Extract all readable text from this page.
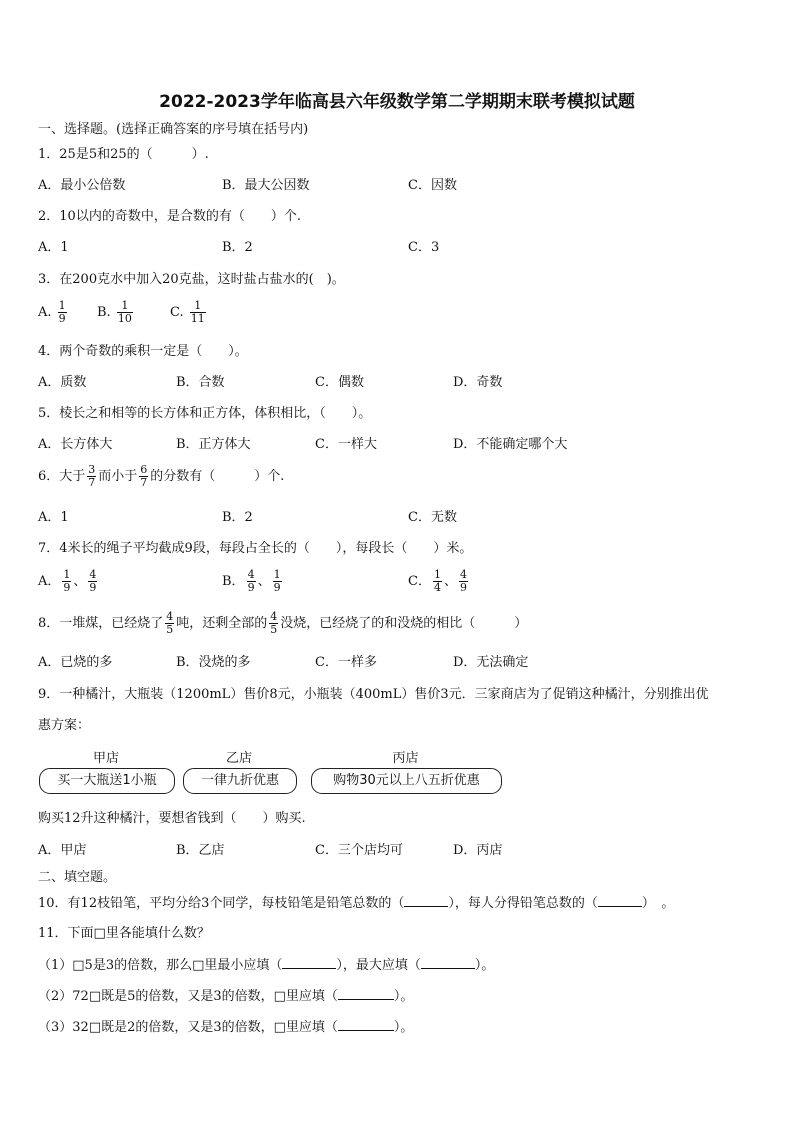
2022-2023学年临高县六年级数学第二学期期末联考模拟试题
一、选择题。(选择正确答案的序号填在括号内)
1．25是5和25的（　　　）.
A．最小公倍数	B．最大公因数	C．因数
2．10以内的奇数中，是合数的有（　　）个.
A．1	B．2	C．3
3．在200克水中加入20克盐，这时盐占盐水的(　)。
A. $\frac{1}{9} B$. $\frac{1}{10}$	C. $\frac{1}{11}$
4．两个奇数的乘积一定是（　　）。
A．质数	B．合数	C．偶数	D．奇数
5．棱长之和相等的长方体和正方体，体积相比，（　　）。
A．长方体大	B．正方体大	C．一样大	D．不能确定哪个大
6．大于 $\frac{3}{7}$ 而小于 $\frac{6}{7}$ 的分数有（　　　）个.
A．1	B．2	C．无数
7．4米长的绳子平均截成9段，每段占全长的（　　），每段长（　　）米。
A． $\frac{1}{9}$ 、 $\frac{4}{9}$	B． $\frac{4}{9}$ 、 $\frac{1}{9}$	C． $\frac{1}{4}$ 、 $\frac{4}{9}$
8．一堆煤，已经烧了 $\frac{4}{5}$ 吨，还剩全部的 $\frac{4}{5}$ 没烧，已经烧了的和没烧的相比（　　　）
A．已烧的多	B．没烧的多	C．一样多	D．无法确定
9．一种橘汁，大瓶装（1200mL）售价8元，小瓶装（400mL）售价3元．三家商店为了促销这种橘汁，分别推出优
惠方案：
甲店	乙店	丙店
买一大瓶送1小瓶	一律九折优惠	购物30元以上八五折优惠
购买12升这种橘汁，要想省钱到（　　）购买.
A．甲店	B．乙店	C．三个店均可	D．丙店
二、填空题。
10．有12枝铅笔，平均分给3个同学，每枝铅笔是铅笔总数的（	），每人分得铅笔总数的（	）　。
11．下面□里各能填什么数？
（1）□5是3的倍数，那么□里最小应填（	），最大应填（	）。
（2）72□既是5的倍数，又是3的倍数，□里应填（	）。
（3）32□既是2的倍数，又是3的倍数，□里应填（	）。
